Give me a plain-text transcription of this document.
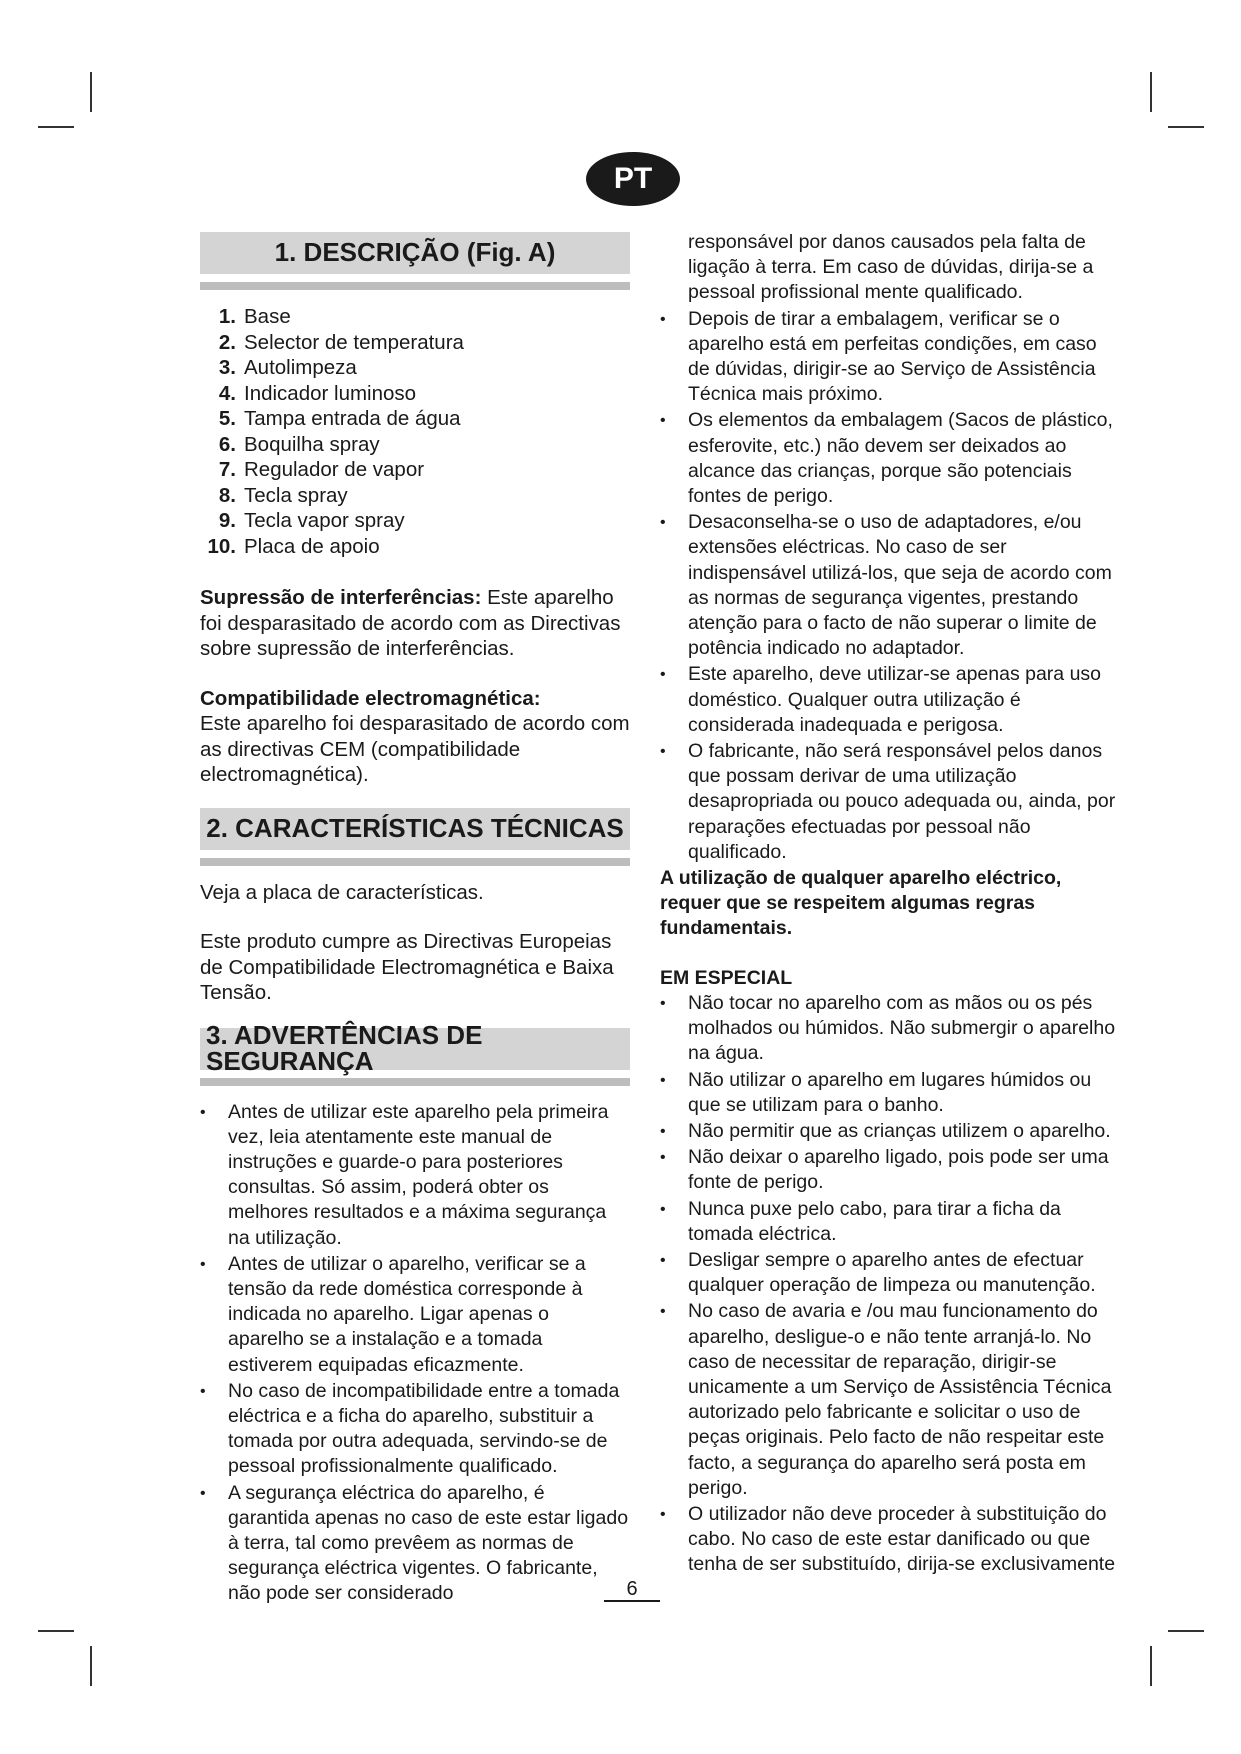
PT
1. DESCRIÇÃO (Fig. A)
1. Base
2. Selector de temperatura
3. Autolimpeza
4. Indicador luminoso
5. Tampa entrada de água
6. Boquilha spray
7. Regulador de vapor
8. Tecla spray
9. Tecla vapor spray
10. Placa de apoio

Supressão de interferências: Este aparelho foi desparasitado de acordo com as Directivas sobre supressão de interferências.

Compatibilidade electromagnética:
Este aparelho foi desparasitado de acordo com as directivas CEM (compatibilidade electromagnética).

2. CARACTERÍSTICAS TÉCNICAS

Veja a placa de características.

Este produto cumpre as Directivas Europeias de Compatibilidade Electromagnética e Baixa Tensão.

3. ADVERTÊNCIAS DE SEGURANÇA
• Antes de utilizar este aparelho pela primeira vez, leia atentamente este manual de instruções e guarde-o para posteriores consultas. Só assim, poderá obter os melhores resultados e a máxima segurança na utilização.
• Antes de utilizar o aparelho, verificar se a tensão da rede doméstica corresponde à indicada no aparelho. Ligar apenas o aparelho se a instalação e a tomada estiverem equipadas eficazmente.
• No caso de incompatibilidade entre a tomada eléctrica e a ficha do aparelho, substituir a tomada por outra adequada, servindo-se de pessoal profissionalmente qualificado.
• A segurança eléctrica do aparelho, é garantida apenas no caso de este estar ligado à terra, tal como prevêem as normas de segurança eléctrica vigentes. O fabricante, não pode ser considerado
responsável por danos causados pela falta de ligação à terra. Em caso de dúvidas, dirija-se a pessoal profissional mente qualificado.
• Depois de tirar a embalagem, verificar se o aparelho está em perfeitas condições, em caso de dúvidas, dirigir-se ao Serviço de Assistência Técnica mais próximo.
• Os elementos da embalagem (Sacos de plástico, esferovite, etc.) não devem ser deixados ao alcance das crianças, porque são potenciais fontes de perigo.
• Desaconselha-se o uso de adaptadores, e/ou extensões eléctricas. No caso de ser indispensável utilizá-los, que seja de acordo com as normas de segurança vigentes, prestando atenção para o facto de não superar o limite de potência indicado no adaptador.
• Este aparelho, deve utilizar-se apenas para uso doméstico. Qualquer outra utilização é considerada inadequada e perigosa.
• O fabricante, não será responsável pelos danos que possam derivar de uma utilização desapropriada ou pouco adequada ou, ainda, por reparações efectuadas por pessoal não qualificado.
A utilização de qualquer aparelho eléctrico, requer que se respeitem algumas regras fundamentais.
EM ESPECIAL
• Não tocar no aparelho com as mãos ou os pés molhados ou húmidos. Não submergir o aparelho na água.
• Não utilizar o aparelho em lugares húmidos ou que se utilizam para o banho.
• Não permitir que as crianças utilizem o aparelho.
• Não deixar o aparelho ligado, pois pode ser uma fonte de perigo.
• Nunca puxe pelo cabo, para tirar a ficha da tomada eléctrica.
• Desligar sempre o aparelho antes de efectuar qualquer operação de limpeza ou manutenção.
• No caso de avaria e /ou mau funcionamento do aparelho, desligue-o e não tente arranjá-lo. No caso de necessitar de reparação, dirigir-se unicamente a um Serviço de Assistência Técnica autorizado pelo fabricante e solicitar o uso de peças originais. Pelo facto de não respeitar este facto, a segurança do aparelho será posta em perigo.
• O utilizador não deve proceder à substituição do cabo. No caso de este estar danificado ou que tenha de ser substituído, dirija-se exclusivamente
6
